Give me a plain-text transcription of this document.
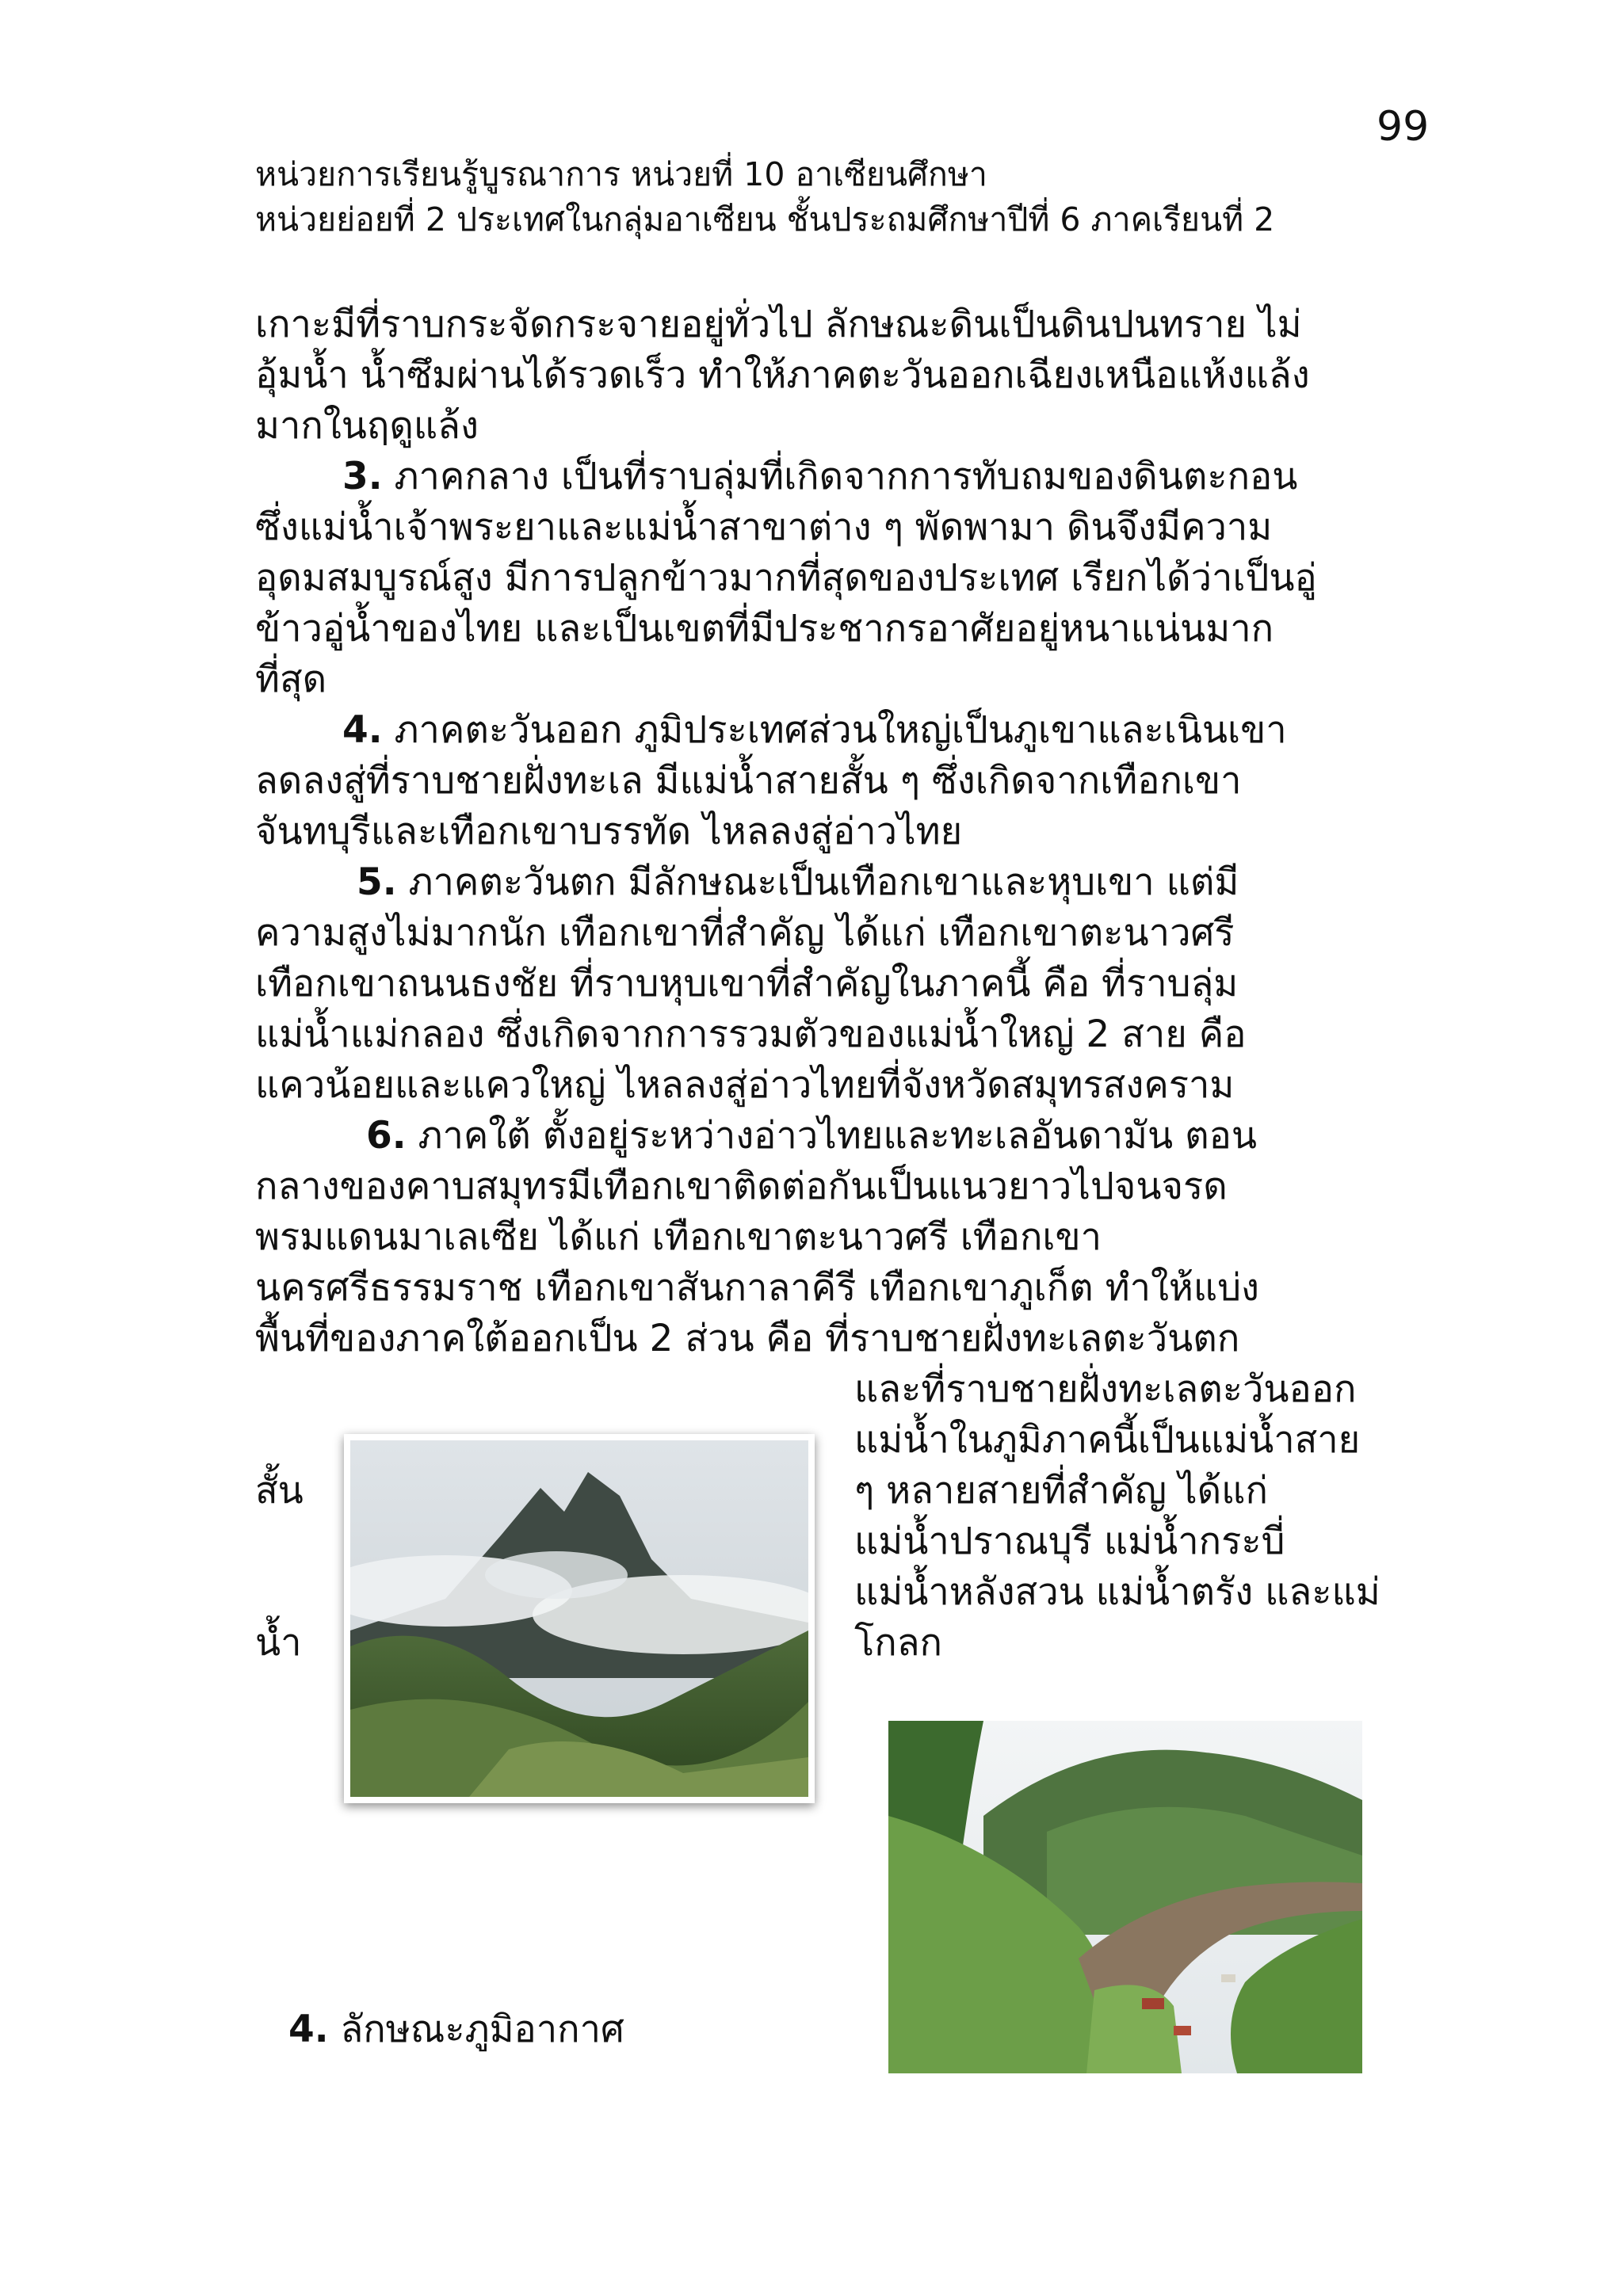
99
หน่วยการเรียนรู้บูรณาการ หน่วยที่ 10 อาเซียนศึกษา
หน่วยย่อยที่ 2 ประเทศในกลุ่มอาเซียน ชั้นประถมศึกษาปีที่ 6 ภาคเรียนที่ 2
เกาะมีที่ราบกระจัดกระจายอยู่ทั่วไป ลักษณะดินเป็นดินปนทราย ไม่
อุ้มน้ำ น้ำซึมผ่านได้รวดเร็ว ทำให้ภาคตะวันออกเฉียงเหนือแห้งแล้ง
มากในฤดูแล้ง
3. ภาคกลาง เป็นที่ราบลุ่มที่เกิดจากการทับถมของดินตะกอน
ซึ่งแม่น้ำเจ้าพระยาและแม่น้ำสาขาต่าง ๆ พัดพามา ดินจึงมีความ
อุดมสมบูรณ์สูง มีการปลูกข้าวมากที่สุดของประเทศ เรียกได้ว่าเป็นอู่
ข้าวอู่น้ำของไทย และเป็นเขตที่มีประชากรอาศัยอยู่หนาแน่นมาก
ที่สุด
4. ภาคตะวันออก ภูมิประเทศส่วนใหญ่เป็นภูเขาและเนินเขา
ลดลงสู่ที่ราบชายฝั่งทะเล มีแม่น้ำสายสั้น ๆ ซึ่งเกิดจากเทือกเขา
จันทบุรีและเทือกเขาบรรทัด ไหลลงสู่อ่าวไทย
5. ภาคตะวันตก มีลักษณะเป็นเทือกเขาและหุบเขา แต่มี
ความสูงไม่มากนัก เทือกเขาที่สำคัญ ได้แก่ เทือกเขาตะนาวศรี
เทือกเขาถนนธงชัย ที่ราบหุบเขาที่สำคัญในภาคนี้ คือ ที่ราบลุ่ม
แม่น้ำแม่กลอง ซึ่งเกิดจากการรวมตัวของแม่น้ำใหญ่ 2 สาย คือ
แควน้อยและแควใหญ่ ไหลลงสู่อ่าวไทยที่จังหวัดสมุทรสงคราม
6. ภาคใต้ ตั้งอยู่ระหว่างอ่าวไทยและทะเลอันดามัน ตอน
กลางของคาบสมุทรมีเทือกเขาติดต่อกันเป็นแนวยาวไปจนจรด
พรมแดนมาเลเซีย ได้แก่ เทือกเขาตะนาวศรี เทือกเขา
นครศรีธรรมราช เทือกเขาสันกาลาคีรี เทือกเขาภูเก็ต ทำให้แบ่ง
พื้นที่ของภาคใต้ออกเป็น 2 ส่วน คือ ที่ราบชายฝั่งทะเลตะวันตก
และที่ราบชายฝั่งทะเลตะวันออก
แม่น้ำในภูมิภาคนี้เป็นแม่น้ำสาย
ๆ หลายสายที่สำคัญ ได้แก่
แม่น้ำปราณบุรี แม่น้ำกระบี่
แม่น้ำหลังสวน แม่น้ำตรัง และแม่
โกลก
สั้น
น้ำ
4. ลักษณะภูมิอากาศ
